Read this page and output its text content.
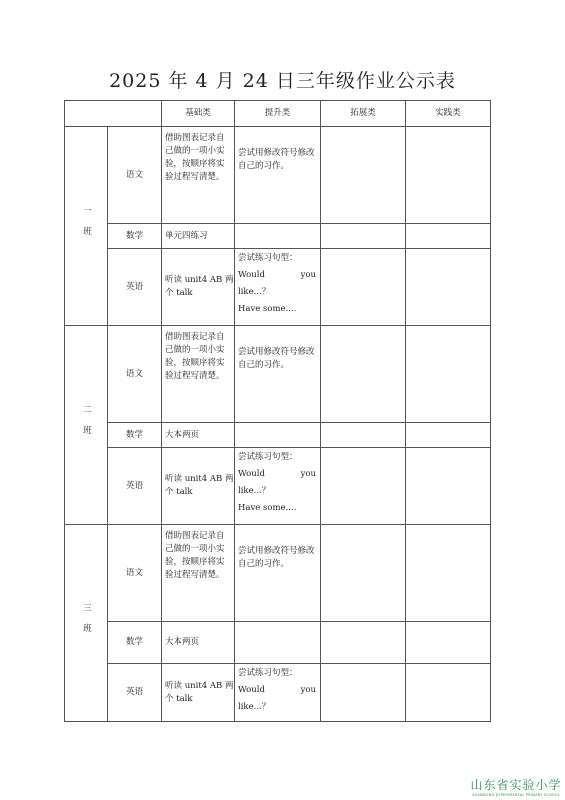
2025 年 4 月 24 日三年级作业公示表
		基础类	提升类	拓展类	实践类

一班	语文	借助图表记录自己做的一项小实验，按顺序将实验过程写清楚。	尝试用修改符号修改自己的习作。		
	数学	单元四练习			
	英语	听读 unit4 AB 两个 talk	尝试练习句型：
Would you
like...？
Have some....		

二班	语文	借助图表记录自己做的一项小实验，按顺序将实验过程写清楚。	尝试用修改符号修改自己的习作。		
	数学	大本两页			
	英语	听读 unit4 AB 两个 talk	尝试练习句型：
Would you
like...？
Have some....		

三班	语文	借助图表记录自己做的一项小实验，按顺序将实验过程写清楚。	尝试用修改符号修改自己的习作。		
	数学	大本两页			
	英语	听读 unit4 AB 两个 talk	尝试练习句型：
Would you
like...？		

山东省实验小学
SHANDONG EXPERIMENTAL PRIMARY SCHOOL
